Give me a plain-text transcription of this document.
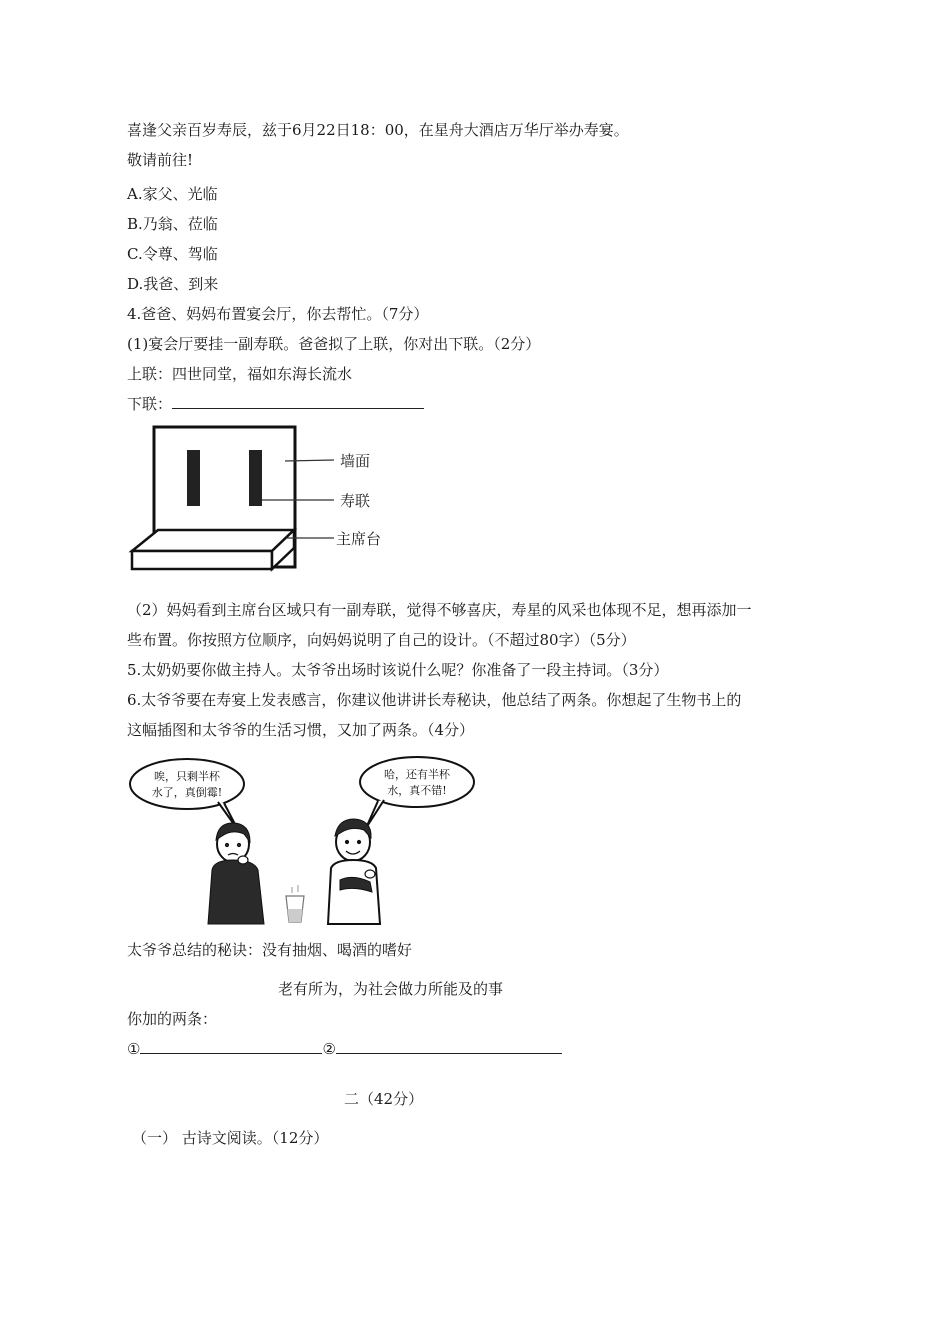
喜逢父亲百岁寿辰，兹于6月22日18：00，在星舟大酒店万华厅举办寿宴。
敬请前往!
A.家父、光临
B.乃翁、莅临
C.令尊、驾临
D.我爸、到来
4.爸爸、妈妈布置宴会厅，你去帮忙。（7分）
(1)宴会厅要挂一副寿联。爸爸拟了上联，你对出下联。（2分）
上联：四世同堂，福如东海长流水
下联：
墙面
寿联
主席台
（2）妈妈看到主席台区域只有一副寿联，觉得不够喜庆，寿星的风采也体现不足，想再添加一
些布置。你按照方位顺序，向妈妈说明了自己的设计。（不超过80字）（5分）
5.太奶奶要你做主持人。太爷爷出场时该说什么呢？你准备了一段主持词。（3分）
6.太爷爷要在寿宴上发表感言，你建议他讲讲长寿秘诀，他总结了两条。你想起了生物书上的
这幅插图和太爷爷的生活习惯，又加了两条。（4分）
唉，只剩半杯
水了，真倒霉!
哈，还有半杯
水，真不错!
太爷爷总结的秘诀：没有抽烟、喝酒的嗜好
老有所为，为社会做力所能及的事
你加的两条：
①	②
二（42分）
（一） 古诗文阅读。（12分）
